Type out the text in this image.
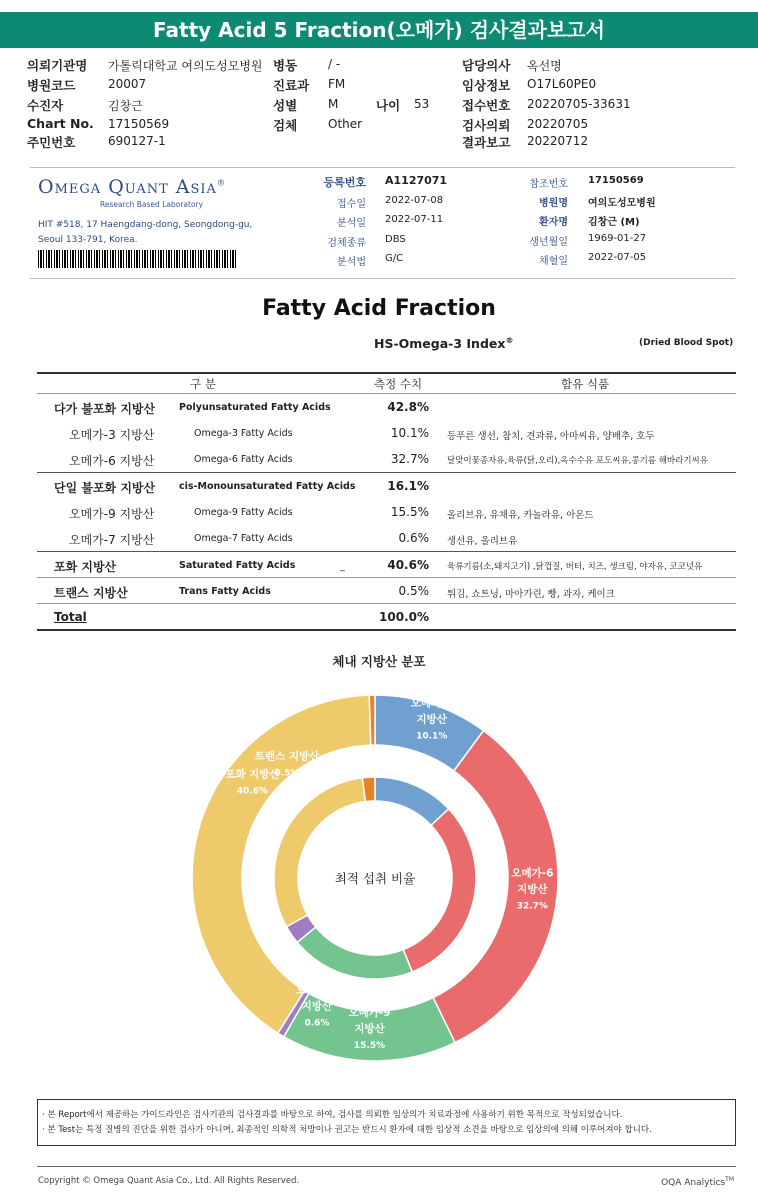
Fatty Acid 5 Fraction(오메가) 검사결과보고서
의뢰기관명 가톨릭대학교 여의도성모병원
병원코드	20007
수진자	김창근
Chart No. 17150569
주민번호	690127-1
병동	/ -
진료과 FM
성별	M	나이 53
검체	Other
담당의사 옥선명
임상정보 O17L60PE0
접수번호 20220705-33631
검사의뢰 20220705
결과보고 20220712
Omega Quant Asia®
Research Based Laboratory
HIT #518, 17 Haengdang-dong, Seongdong-gu, Seoul 133-791, Korea.
등록번호 A1127071
접수일 2022-07-08
분석일 2022-07-11
검체종류 DBS
분석법 G/C
참조번호 17150569
병원명 여의도성모병원
환자명 김창근 (M)
생년월일 1969-01-27
채혈일 2022-07-05
Fatty Acid Fraction
HS-Omega-3 Index®	(Dried Blood Spot)
구 분	측정 수치	함유 식품
다가 불포화 지방산	Polyunsaturated Fatty Acids	42.8%
오메가-3 지방산	Omega-3 Fatty Acids	10.1% 등푸른 생선, 참치, 견과류, 아마씨유, 양배추, 호두
오메가-6 지방산	Omega-6 Fatty Acids	32.7% 달맞이꽃종자유,육류(닭,오리),옥수수유 포도씨유,콩기름 해바라기씨유
단일 불포화 지방산	cis-Monounsaturated Fatty Acids	16.1%
오메가-9 지방산	Omega-9 Fatty Acids	15.5% 올리브유, 유채유, 카놀라유, 아몬드
오메가-7 지방산	Omega-7 Fatty Acids	0.6% 생선유, 올리브유
포화 지방산	Saturated Fatty Acids	_	40.6% 육류기름(소,돼지고기) ,닭껍질, 버터, 치즈, 생크림, 야자유, 코코넛유
트랜스 지방산	Trans Fatty Acids	0.5% 튀김, 쇼트닝, 마아가린, 빵, 과자, 케이크
Total	100.0%
체내 지방산 분포
최적 섭취 비율
오메가-3 지방산 10.1%
오메가-6 지방산 32.7%
오메가-9 지방산 15.5%
오메가-7 지방산 0.6%
포화 지방산 40.6%
트랜스 지방산 0.5%
· 본 Report에서 제공하는 가이드라인은 검사기관의 검사결과를 바탕으로 하여, 검사를 의뢰한 임상의가 치료과정에 사용하기 위한 목적으로 작성되었습니다.
· 본 Test는 특정 질병의 진단을 위한 검사가 아니며, 최종적인 의학적 처방이나 권고는 반드시 환자에 대한 임상적 소견을 바탕으로 임상의에 의해 이루어져야 합니다.
Copyright © Omega Quant Asia Co., Ltd. All Rights Reserved.	OQA Analytics™
